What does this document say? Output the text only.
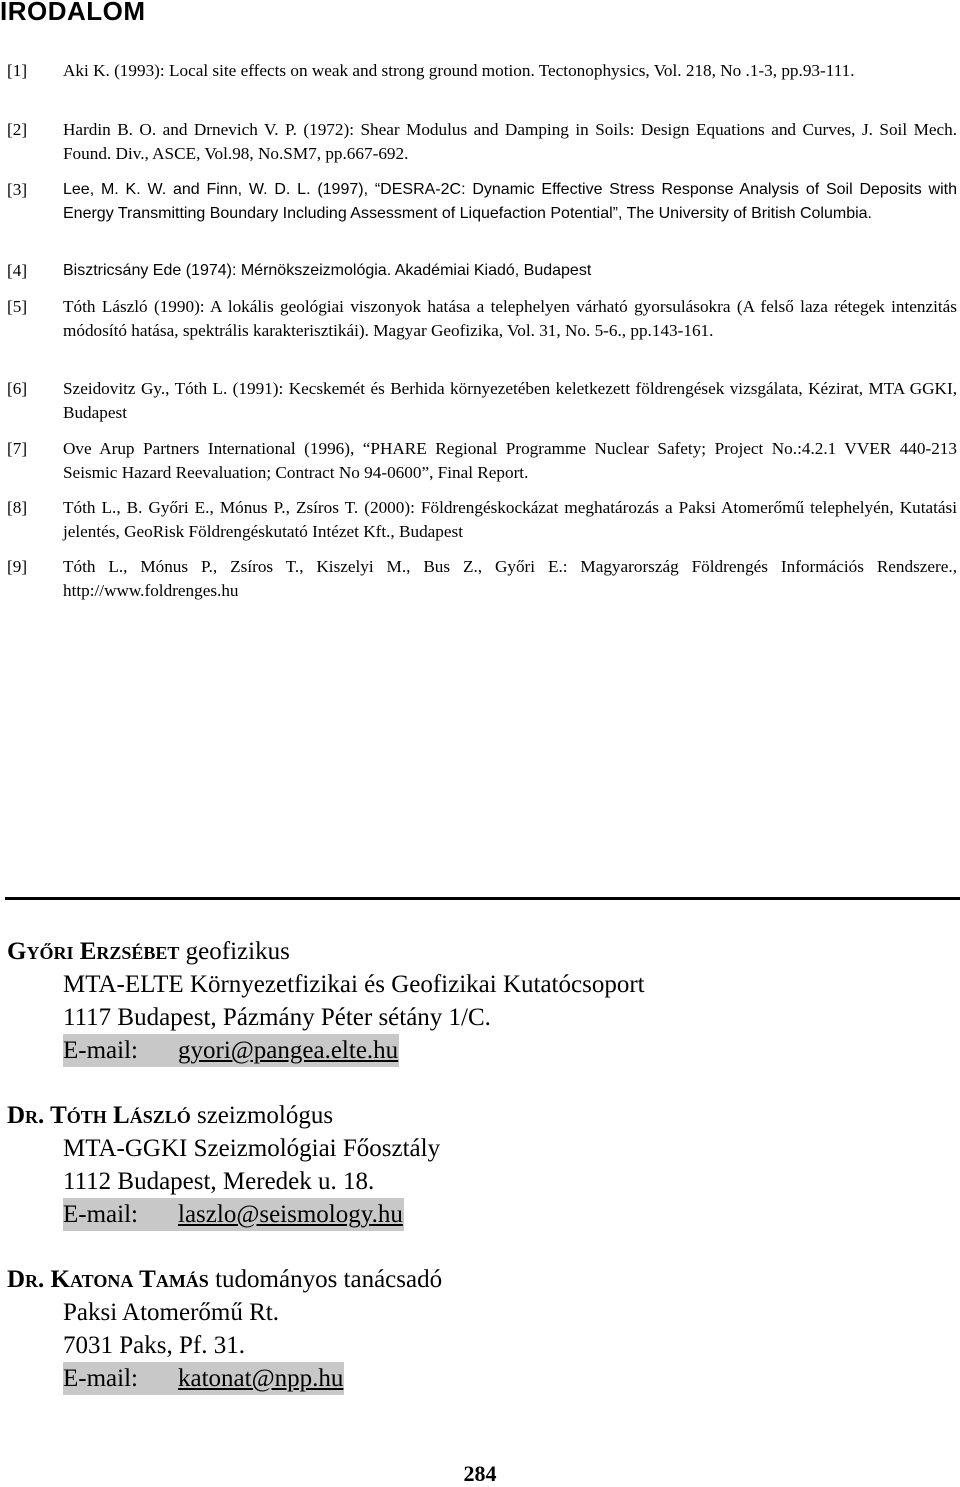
IRODALOM
[1] Aki K. (1993): Local site effects on weak and strong ground motion. Tectonophysics, Vol. 218, No .1-3, pp.93-111.
[2] Hardin B. O. and Drnevich V. P. (1972): Shear Modulus and Damping in Soils: Design Equations and Curves, J. Soil Mech. Found. Div., ASCE, Vol.98, No.SM7, pp.667-692.
[3] Lee, M. K. W. and Finn, W. D. L. (1997), “DESRA-2C: Dynamic Effective Stress Response Analysis of Soil Deposits with Energy Transmitting Boundary Including Assessment of Liquefaction Potential”, The University of British Columbia.
[4] Bisztricsány Ede (1974): Mérnökszeizmológia. Akadémiai Kiadó, Budapest
[5] Tóth László (1990): A lokális geológiai viszonyok hatása a telephelyen várható gyorsulásokra (A felső laza rétegek intenzitás módosító hatása, spektrális karakterisztikái). Magyar Geofizika, Vol. 31, No. 5-6., pp.143-161.
[6] Szeidovitz Gy., Tóth L. (1991): Kecskemét és Berhida környezetében keletkezett földrengések vizsgálata, Kézirat, MTA GGKI, Budapest
[7] Ove Arup Partners International (1996), “PHARE Regional Programme Nuclear Safety; Project No.:4.2.1 VVER 440-213 Seismic Hazard Reevaluation; Contract No 94-0600”, Final Report.
[8] Tóth L., B. Győri E., Mónus P., Zsíros T. (2000): Földrengéskockázat meghatározás a Paksi Atomerőmű telephelyén, Kutatási jelentés, GeoRisk Földrengéskutató Intézet Kft., Budapest
[9] Tóth L., Mónus P., Zsíros T., Kiszelyi M., Bus Z., Győri E.: Magyarország Földrengés Információs Rendszere., http://www.foldrenges.hu
Győri Erzsébet geofizikus
MTA-ELTE Környezetfizikai és Geofizikai Kutatócsoport
1117 Budapest, Pázmány Péter sétány 1/C.
E-mail: gyori@pangea.elte.hu
Dr. Tóth László szeizmológus
MTA-GGKI Szeizmológiai Főosztály
1112 Budapest, Meredek u. 18.
E-mail: laszlo@seismology.hu
Dr. Katona Tamás tudományos tanácsadó
Paksi Atomerőmű Rt.
7031 Paks, Pf. 31.
E-mail: katonat@npp.hu
284
